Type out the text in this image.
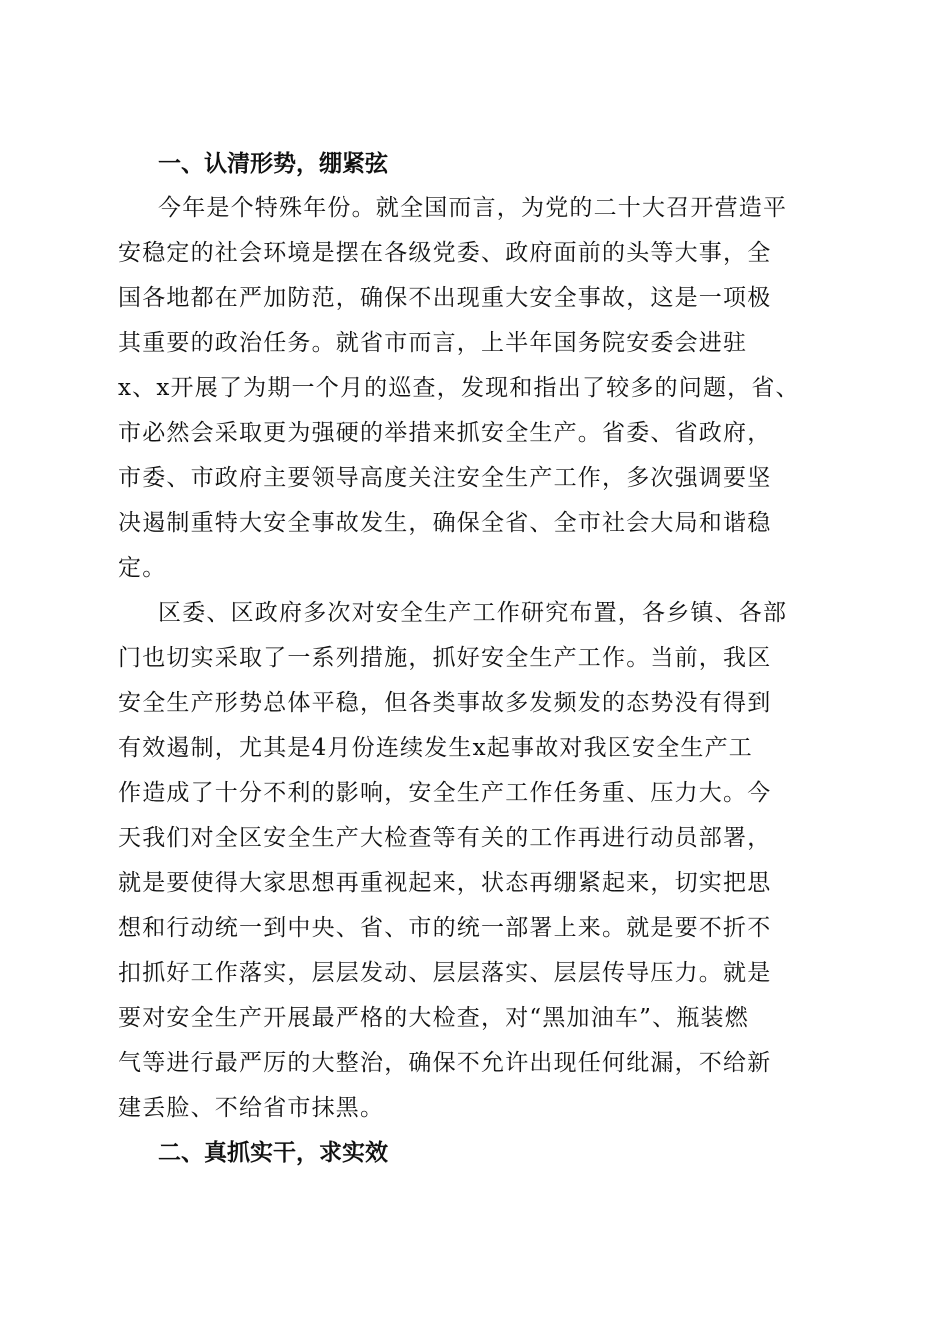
一、认清形势，绷紧弦

今年是个特殊年份。就全国而言，为党的二十大召开营造平
安稳定的社会环境是摆在各级党委、政府面前的头等大事，全
国各地都在严加防范，确保不出现重大安全事故，这是一项极
其重要的政治任务。就省市而言，上半年国务院安委会进驻
x、x开展了为期一个月的巡查，发现和指出了较多的问题，省、
市必然会采取更为强硬的举措来抓安全生产。省委、省政府，
市委、市政府主要领导高度关注安全生产工作，多次强调要坚
决遏制重特大安全事故发生，确保全省、全市社会大局和谐稳
定。

区委、区政府多次对安全生产工作研究布置，各乡镇、各部
门也切实采取了一系列措施，抓好安全生产工作。当前，我区
安全生产形势总体平稳，但各类事故多发频发的态势没有得到
有效遏制，尤其是4月份连续发生x起事故对我区安全生产工
作造成了十分不利的影响，安全生产工作任务重、压力大。今
天我们对全区安全生产大检查等有关的工作再进行动员部署，
就是要使得大家思想再重视起来，状态再绷紧起来，切实把思
想和行动统一到中央、省、市的统一部署上来。就是要不折不
扣抓好工作落实，层层发动、层层落实、层层传导压力。就是
要对安全生产开展最严格的大检查，对“黑加油车”、瓶装燃
气等进行最严厉的大整治，确保不允许出现任何纰漏，不给新
建丢脸、不给省市抹黑。

二、真抓实干，求实效
